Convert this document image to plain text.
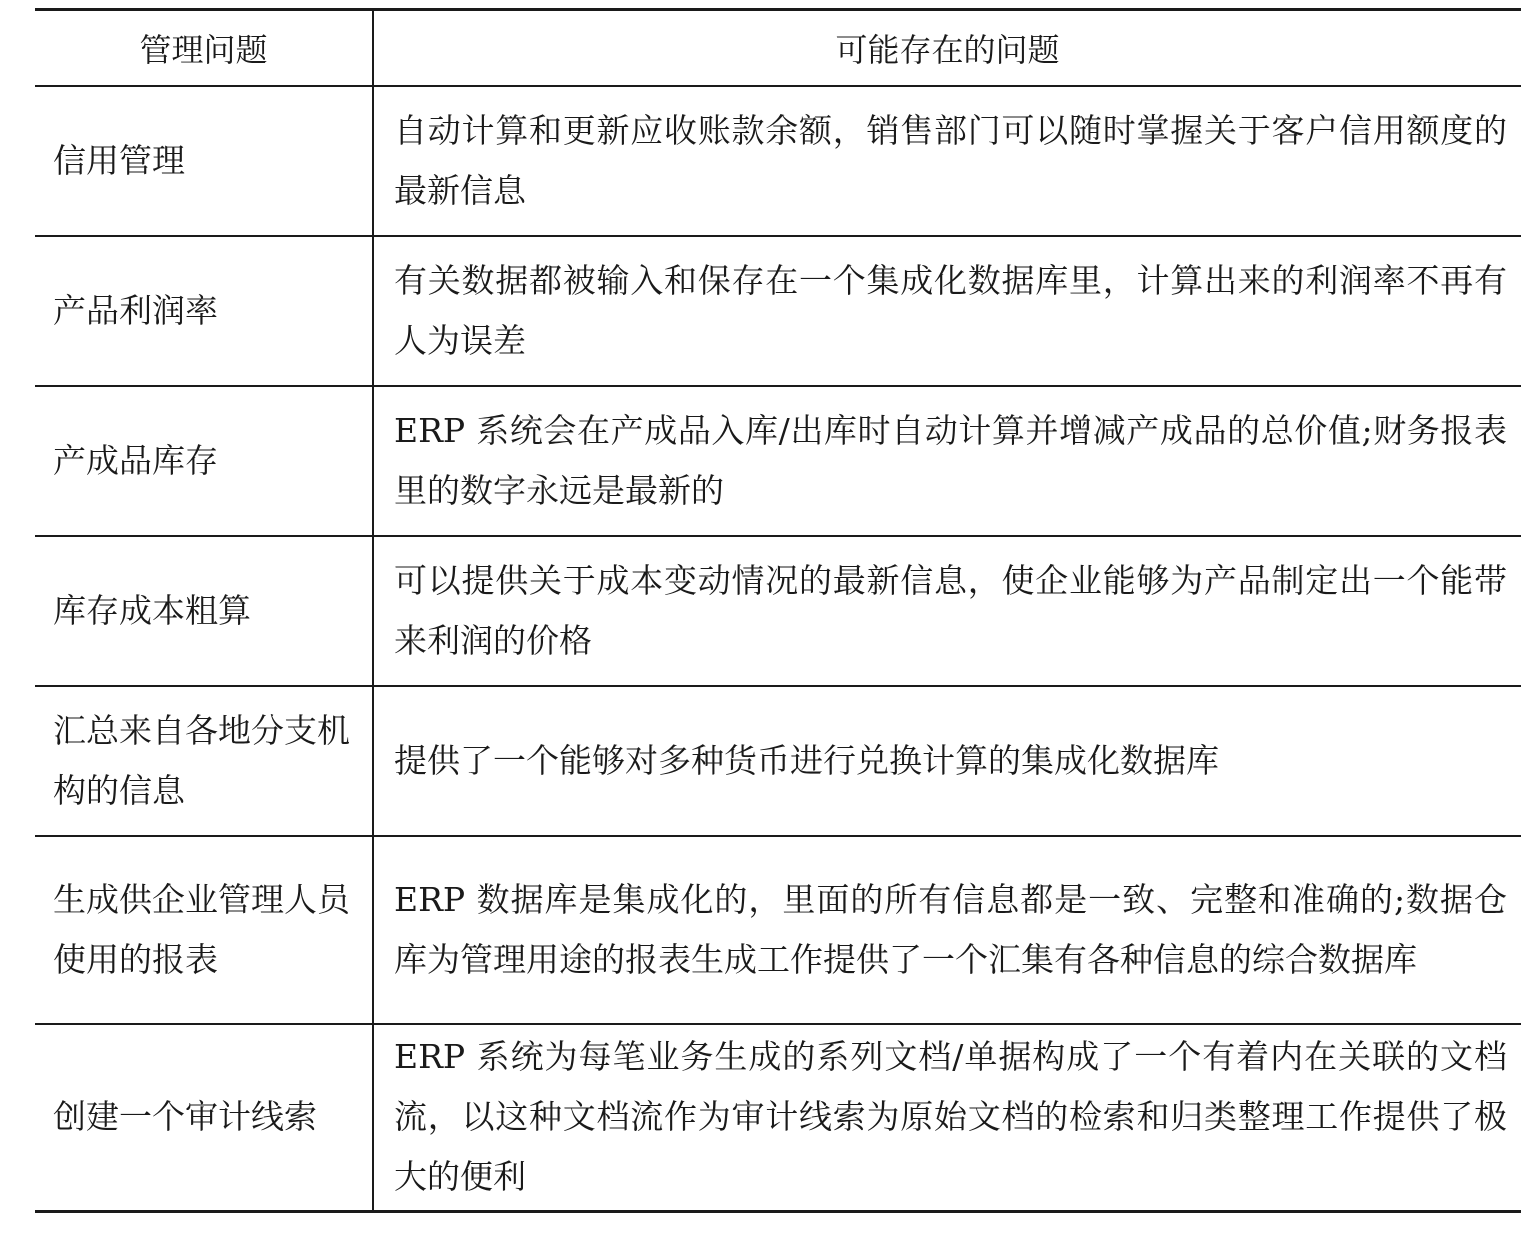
管理问题	可能存在的问题
信用管理	自动计算和更新应收账款余额，销售部门可以随时掌握关于客户信用额度的最新信息
产品利润率	有关数据都被输入和保存在一个集成化数据库里，计算出来的利润率不再有人为误差
产成品库存	ERP 系统会在产成品入库/出库时自动计算并增减产成品的总价值;财务报表里的数字永远是最新的
库存成本粗算	可以提供关于成本变动情况的最新信息，使企业能够为产品制定出一个能带来利润的价格
汇总来自各地分支机构的信息	提供了一个能够对多种货币进行兑换计算的集成化数据库
生成供企业管理人员使用的报表	ERP 数据库是集成化的，里面的所有信息都是一致、完整和准确的;数据仓库为管理用途的报表生成工作提供了一个汇集有各种信息的综合数据库
创建一个审计线索	ERP 系统为每笔业务生成的系列文档/单据构成了一个有着内在关联的文档流，以这种文档流作为审计线索为原始文档的检索和归类整理工作提供了极大的便利
